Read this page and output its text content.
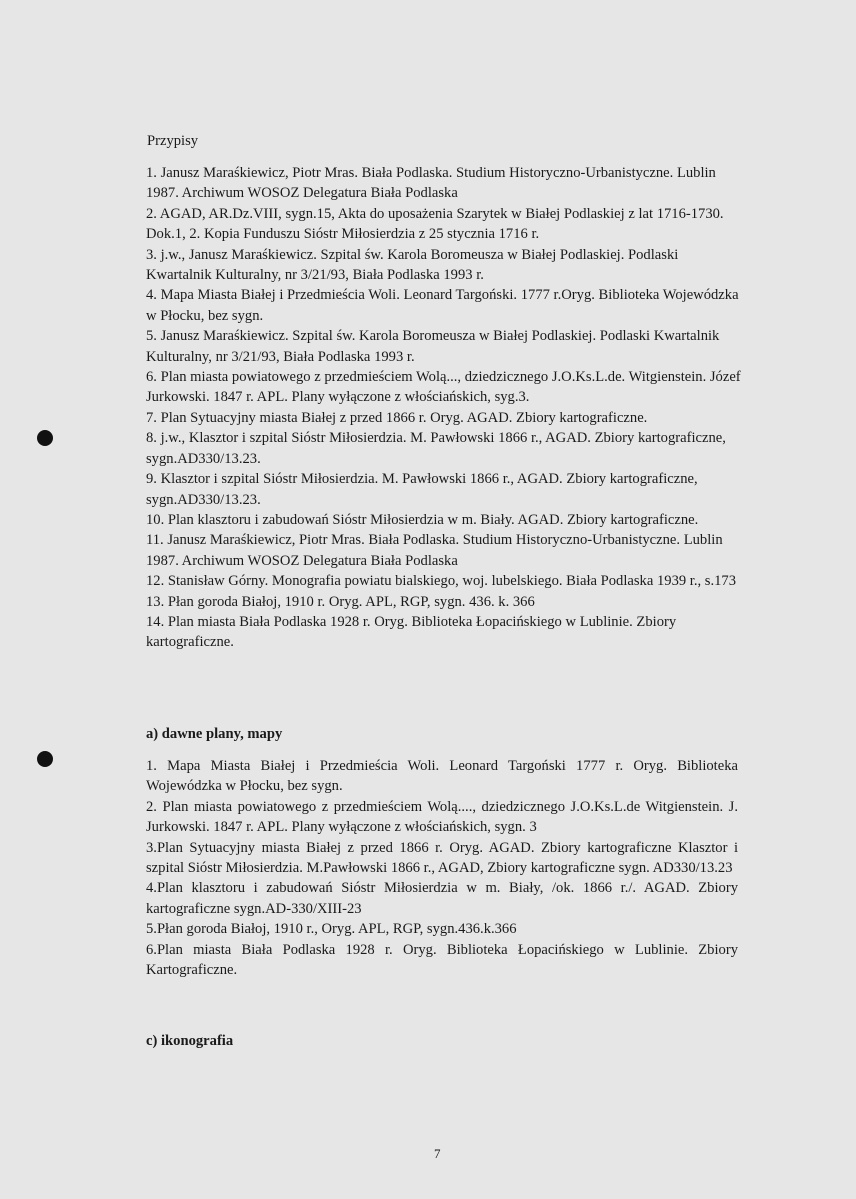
Przypisy
1. Janusz Maraśkiewicz, Piotr Mras. Biała Podlaska. Studium Historyczno-Urbanistyczne. Lublin 1987. Archiwum WOSOZ Delegatura Biała Podlaska
2. AGAD, AR.Dz.VIII, sygn.15, Akta do uposażenia Szarytek w Białej Podlaskiej z lat 1716-1730. Dok.1, 2. Kopia Funduszu Sióstr Miłosierdzia z 25 stycznia 1716 r.
3. j.w., Janusz Maraśkiewicz. Szpital św. Karola Boromeusza w Białej Podlaskiej. Podlaski Kwartalnik Kulturalny, nr 3/21/93, Biała Podlaska 1993 r.
4. Mapa Miasta Białej i Przedmieścia Woli. Leonard Targoński. 1777 r.Oryg. Biblioteka Wojewódzka w Płocku, bez sygn.
5. Janusz Maraśkiewicz. Szpital św. Karola Boromeusza w Białej Podlaskiej. Podlaski Kwartalnik Kulturalny, nr 3/21/93, Biała Podlaska 1993 r.
6. Plan miasta powiatowego z przedmieściem Wolą..., dziedzicznego J.O.Ks.L.de. Witgienstein. Józef Jurkowski. 1847 r. APL. Plany wyłączone z włościańskich, syg.3.
7. Plan Sytuacyjny miasta Białej z przed 1866 r. Oryg. AGAD. Zbiory kartograficzne.
8. j.w., Klasztor i szpital Sióstr Miłosierdzia. M. Pawłowski 1866 r., AGAD. Zbiory kartograficzne, sygn.AD330/13.23.
9. Klasztor i szpital Sióstr Miłosierdzia. M. Pawłowski 1866 r., AGAD. Zbiory kartograficzne, sygn.AD330/13.23.
10. Plan klasztoru i zabudowań Sióstr Miłosierdzia w m. Biały. AGAD. Zbiory kartograficzne.
11. Janusz Maraśkiewicz, Piotr Mras. Biała Podlaska. Studium Historyczno-Urbanistyczne. Lublin 1987. Archiwum WOSOZ Delegatura Biała Podlaska
12. Stanisław Górny. Monografia powiatu bialskiego, woj. lubelskiego. Biała Podlaska 1939 r., s.173
13. Płan goroda Białoj, 1910 r. Oryg. APL, RGP, sygn. 436. k. 366
14. Plan miasta Biała Podlaska 1928 r. Oryg. Biblioteka Łopacińskiego w Lublinie. Zbiory kartograficzne.
a) dawne plany, mapy
1. Mapa Miasta Białej i Przedmieścia Woli. Leonard Targoński 1777 r. Oryg. Biblioteka Wojewódzka w Płocku, bez sygn.
2. Plan miasta powiatowego z przedmieściem Wolą...., dziedzicznego J.O.Ks.L.de Witgienstein. J. Jurkowski. 1847 r. APL. Plany wyłączone z włościańskich, sygn. 3
3.Plan Sytuacyjny miasta Białej z przed 1866 r. Oryg. AGAD. Zbiory kartograficzne Klasztor i szpital Sióstr Miłosierdzia. M.Pawłowski 1866 r., AGAD, Zbiory kartograficzne sygn. AD330/13.23
4.Plan klasztoru i zabudowań Sióstr Miłosierdzia w m. Biały, /ok. 1866 r./. AGAD. Zbiory kartograficzne sygn.AD-330/XIII-23
5.Płan goroda Białoj, 1910 r., Oryg. APL, RGP, sygn.436.k.366
6.Plan miasta Biała Podlaska 1928 r. Oryg. Biblioteka Łopacińskiego w Lublinie. Zbiory Kartograficzne.
c) ikonografia
7
